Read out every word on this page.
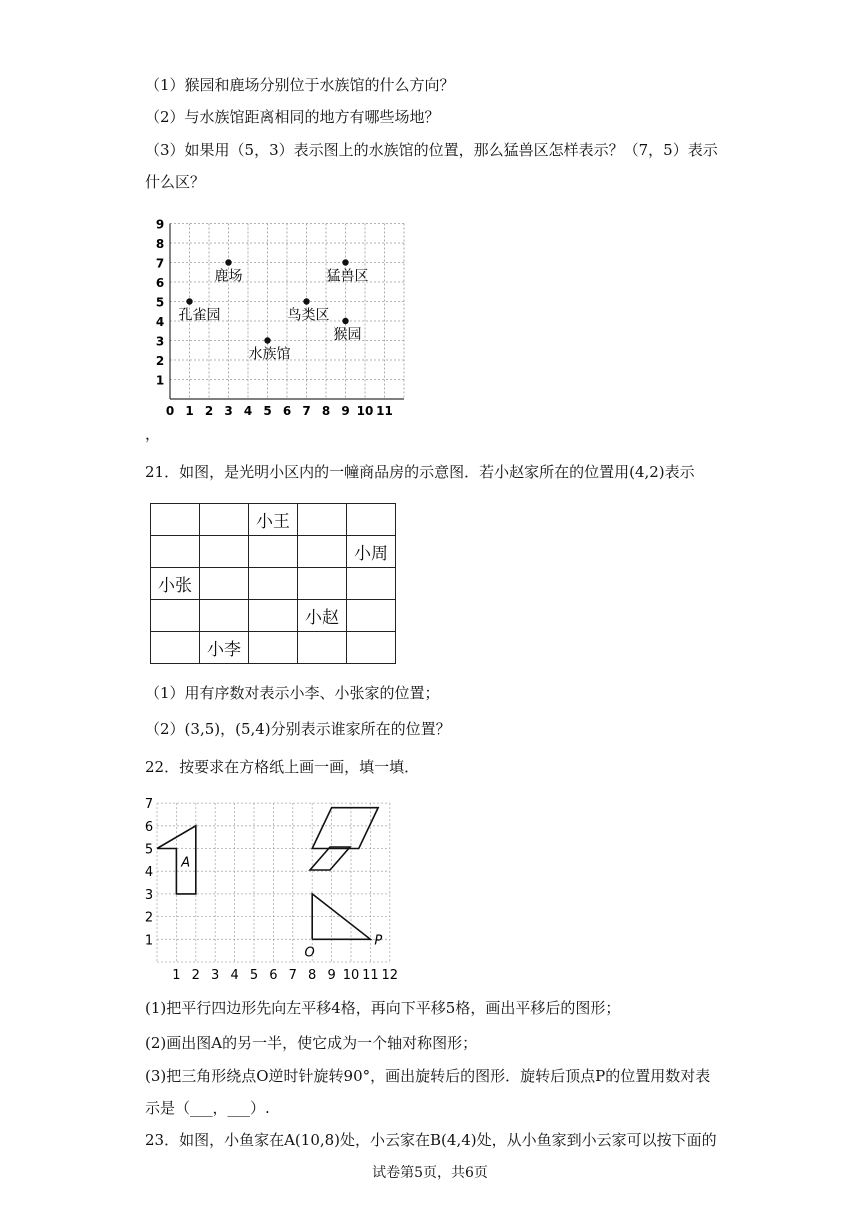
（1）猴园和鹿场分别位于水族馆的什么方向？
（2）与水族馆距离相同的地方有哪些场地？
（3）如果用（5，3）表示图上的水族馆的位置，那么猛兽区怎样表示？（7，5）表示
什么区？
0 1 2 3 4 5 6 7 8 9 10 11
1
2
3
4
5
6
7
8
9
鹿场	猛兽区
孔雀园	鸟类区
猴园
水族馆
，
21．如图，是光明小区内的一幢商品房的示意图．若小赵家所在的位置用(4,2)表示
		小王		
				小周
小张				
			小赵	
	小李			
（1）用有序数对表示小李、小张家的位置；
（2）(3,5)，(5,4)分别表示谁家所在的位置？
22．按要求在方格纸上画一画，填一填．
1 2 3 4 5 6 7 8 9 10 11 12
1
2
3
4
5
6
7
A
O
P
(1)把平行四边形先向左平移4格，再向下平移5格，画出平移后的图形；
(2)画出图A的另一半，使它成为一个轴对称图形；
(3)把三角形绕点O逆时针旋转90°，画出旋转后的图形．旋转后顶点P的位置用数对表
示是（___，___）.
23．如图，小鱼家在A(10,8)处，小云家在B(4,4)处，从小鱼家到小云家可以按下面的
试卷第5页，共6页
